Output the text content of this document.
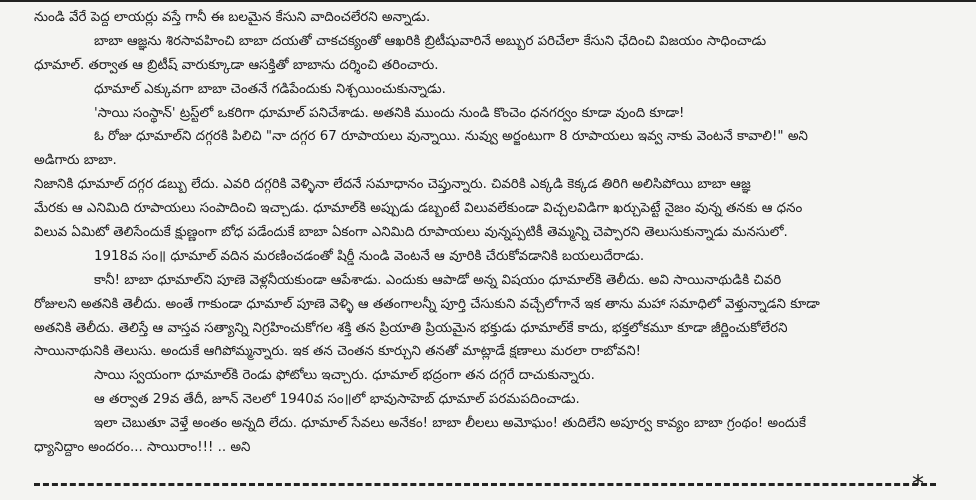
నుండి వేరే పెద్ద లాయర్లు వస్తే గానీ ఈ బలమైన కేసుని వాదించలేరని అన్నాడు.
బాబా ఆజ్ఞను శిరసావహించి బాబా దయతో చాకచక్యంతో ఆఖరికి బ్రిటీషువారినే అబ్బుర పరిచేలా కేసుని ఛేదించి విజయం సాధించాడు
ధూమాల్. తర్వాత ఆ బ్రిటీష్ వారుక్కూడా ఆసక్తితో బాబాను దర్శించి తరించారు.
ధూమాల్ ఎక్కువగా బాబా చెంతనే గడిపేందుకు నిశ్చయించుకున్నాడు.
'సాయి సంస్థాన్' ట్రస్ట్‌లో ఒకరిగా ధూమాల్ పనిచేశాడు. అతనికి ముందు నుండి కొంచెం ధనగర్వం కూడా వుంది కూడా!
ఓ రోజు ధూమాల్‌ని దగ్గరకి పిలిచి "నా దగ్గర 67 రూపాయలు వున్నాయి. నువ్వు అర్జంటుగా 8 రూపాయలు ఇవ్వ నాకు వెంటనే కావాలి!" అని
అడిగారు బాబా.
నిజానికి ధూమాల్ దగ్గర డబ్బు లేదు. ఎవరి దగ్గరికి వెళ్ళినా లేదనే సమాధానం చెప్తున్నారు. చివరికి ఎక్కడి కెక్కడ తిరిగి అలిసిపోయి బాబా ఆజ్ఞ
మేరకు ఆ ఎనిమిది రూపాయలు సంపాదించి ఇచ్చాడు. ధూమాల్‌కి అప్పుడు డబ్బంటే విలువలేకుండా విచ్చలవిడిగా ఖర్చుపెట్టే నైజం వున్న తనకు ఆ ధనం
విలువ ఏమిటో తెలిసేందుకే క్షుణ్ణంగా బోధ పడేందుకే బాబా ఏకంగా ఎనిమిది రూపాయలు వున్నప్పటికీ తెమ్మన్ని చెప్పారని తెలుసుకున్నాడు మనసులో.
1918వ సం॥ ధూమాల్ వదిన మరణించడంతో షిర్డీ నుండి వెంటనే ఆ వూరికి చేరుకోవడానికి బయలుదేరాడు.
కానీ! బాబా ధూమాల్‌ని పూణె వెళ్లనీయకుండా ఆపేశాడు. ఎందుకు ఆపాడో అన్న విషయం ధూమాల్‌కి తెలీదు. అవి సాయినాథుడికి చివరి
రోజులని అతనికి తెలీదు. అంతే గాకుండా ధూమాల్ పూణె వెళ్ళి ఆ తతంగాలన్నీ పూర్తి చేసుకుని వచ్చేలోగానే ఇక తాను మహా సమాధిలో వెళ్తున్నాడని కూడా
అతనికి తెలీదు. తెలిస్తే ఆ వాస్తవ సత్యాన్ని నిగ్రహించుకోగల శక్తి తన ప్రియాతి ప్రియమైన భక్తుడు ధూమాల్‌కే కాదు, భక్తలోకమూ కూడా జీర్ణించుకోలేరని
సాయినాథునికి తెలుసు. అందుకే ఆగిపోమ్మన్నారు. ఇక తన చెంతన కూర్చుని తనతో మాట్లాడే క్షణాలు మరలా రాబోవని!
సాయి స్వయంగా ధూమాల్‌కి రెండు ఫోటోలు ఇచ్చారు. ధూమాల్ భద్రంగా తన దగ్గరే దాచుకున్నారు.
ఆ తర్వాత 29వ తేదీ, జూన్ నెలలో 1940వ సం॥లో భావుసాహెబ్ ధూమాల్ పరమపదించాడు.
ఇలా చెబుతూ వెళ్తే అంతం అన్నది లేదు. ధూమాల్ సేవలు అనేకం! బాబా లీలలు అమోఘం! తుదిలేని అపూర్వ కావ్యం బాబా గ్రంథం! అందుకే
ధ్యానిద్దాం అందరం... సాయిరాం!!! .. అని
*
